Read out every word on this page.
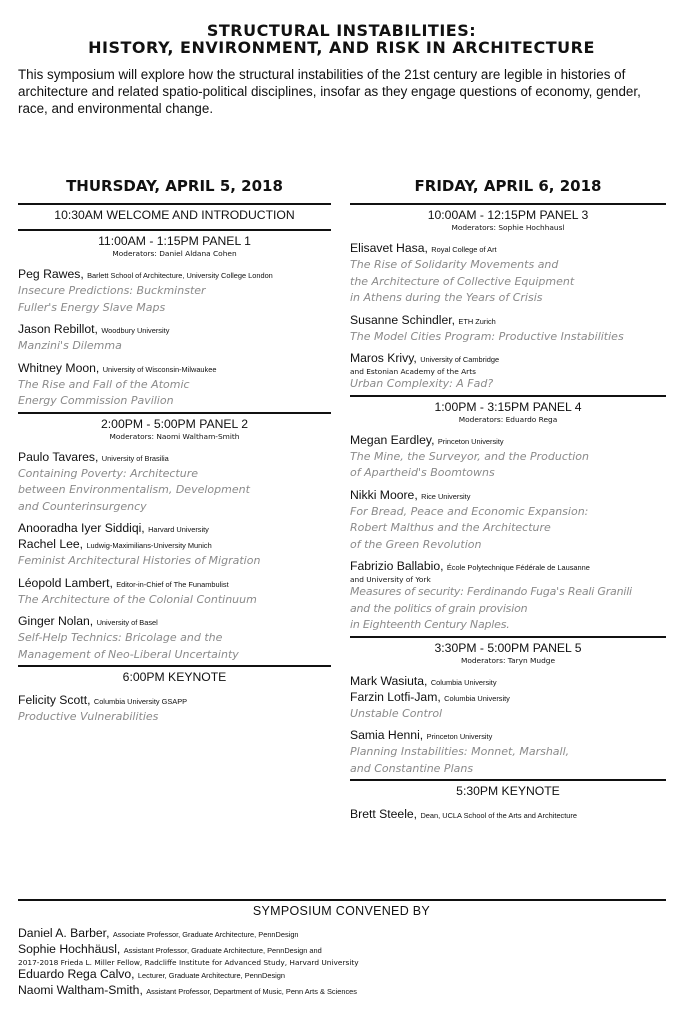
STRUCTURAL INSTABILITIES:
HISTORY, ENVIRONMENT, AND RISK IN ARCHITECTURE
This symposium will explore how the structural instabilities of the 21st century are legible in histories of architecture and related spatio-political disciplines, insofar as they engage questions of economy, gender, race, and environmental change.
THURSDAY, APRIL 5, 2018
10:30AM WELCOME AND INTRODUCTION
11:00AM - 1:15PM PANEL 1
Moderators: Daniel Aldana Cohen
Peg Rawes, Barlett School of Architecture, University College London
Insecure Predictions: Buckminster
Fuller's Energy Slave Maps
Jason Rebillot, Woodbury University
Manzini's Dilemma
Whitney Moon, University of Wisconsin-Milwaukee
The Rise and Fall of the Atomic
Energy Commission Pavilion
2:00PM - 5:00PM PANEL 2
Moderators: Naomi Waltham-Smith
Paulo Tavares, University of Brasilia
Containing Poverty: Architecture
between Environmentalism, Development
and Counterinsurgency
Anooradha Iyer Siddiqi, Harvard University
Rachel Lee, Ludwig-Maximilians-University Munich
Feminist Architectural Histories of Migration
Léopold Lambert, Editor-in-Chief of The Funambulist
The Architecture of the Colonial Continuum
Ginger Nolan, University of Basel
Self-Help Technics: Bricolage and the
Management of Neo-Liberal Uncertainty
6:00PM KEYNOTE
Felicity Scott, Columbia University GSAPP
Productive Vulnerabilities
FRIDAY, APRIL 6, 2018
10:00AM - 12:15PM PANEL 3
Moderators: Sophie Hochhausl
Elisavet Hasa, Royal College of Art
The Rise of Solidarity Movements and
the Architecture of Collective Equipment
in Athens during the Years of Crisis
Susanne Schindler, ETH Zurich
The Model Cities Program: Productive Instabilities
Maros Krivy, University of Cambridge
and Estonian Academy of the Arts
Urban Complexity: A Fad?
1:00PM - 3:15PM PANEL 4
Moderators: Eduardo Rega
Megan Eardley, Princeton University
The Mine, the Surveyor, and the Production
of Apartheid's Boomtowns
Nikki Moore, Rice University
For Bread, Peace and Economic Expansion:
Robert Malthus and the Architecture
of the Green Revolution
Fabrizio Ballabio, École Polytechnique Fédérale de Lausanne
and University of York
Measures of security: Ferdinando Fuga's Reali Granili
and the politics of grain provision
in Eighteenth Century Naples.
3:30PM - 5:00PM PANEL 5
Moderators: Taryn Mudge
Mark Wasiuta, Columbia University
Farzin Lotfi-Jam, Columbia University
Unstable Control
Samia Henni, Princeton University
Planning Instabilities: Monnet, Marshall,
and Constantine Plans
5:30PM KEYNOTE
Brett Steele, Dean, UCLA School of the Arts and Architecture
SYMPOSIUM CONVENED BY
Daniel A. Barber, Associate Professor, Graduate Architecture, PennDesign
Sophie Hochhäusl, Assistant Professor, Graduate Architecture, PennDesign and
2017-2018 Frieda L. Miller Fellow, Radcliffe Institute for Advanced Study, Harvard University
Eduardo Rega Calvo, Lecturer, Graduate Architecture, PennDesign
Naomi Waltham-Smith, Assistant Professor, Department of Music, Penn Arts & Sciences
